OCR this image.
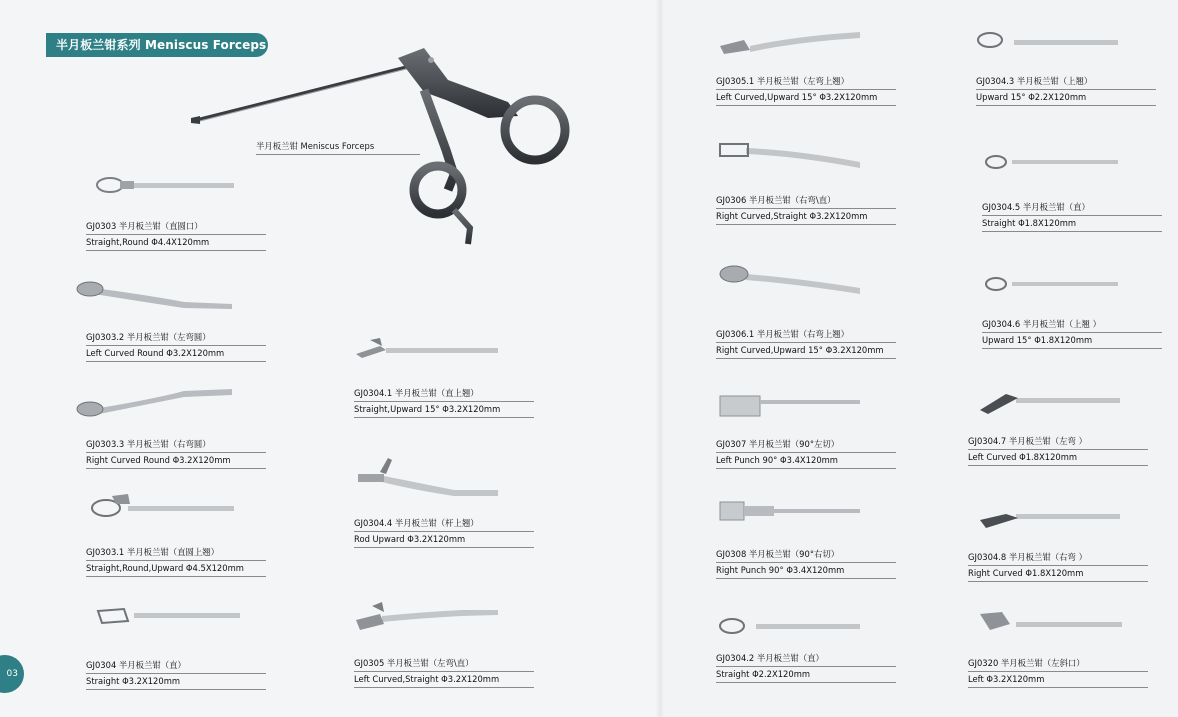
半月板兰钳系列 Meniscus Forceps
03
半月板兰钳 Meniscus Forceps
GJ0303 半月板兰钳（直圆口）
Straight,Round Φ4.4X120mm
GJ0303.2 半月板兰钳（左弯圆）
Left Curved Round Φ3.2X120mm
GJ0303.3 半月板兰钳（右弯圆）
Right Curved Round Φ3.2X120mm
GJ0303.1 半月板兰钳（直圆上翘）
Straight,Round,Upward Φ4.5X120mm
GJ0304 半月板兰钳（直）
Straight Φ3.2X120mm
GJ0304.1 半月板兰钳（直上翘）
Straight,Upward 15° Φ3.2X120mm
GJ0304.4 半月板兰钳（杆上翘）
Rod Upward Φ3.2X120mm
GJ0305 半月板兰钳（左弯\直）
Left Curved,Straight Φ3.2X120mm
GJ0305.1 半月板兰钳（左弯上翘）
Left Curved,Upward 15° Φ3.2X120mm
GJ0306 半月板兰钳（右弯\直）
Right Curved,Straight Φ3.2X120mm
GJ0306.1 半月板兰钳（右弯上翘）
Right Curved,Upward 15° Φ3.2X120mm
GJ0307 半月板兰钳（90°左切）
Left Punch 90° Φ3.4X120mm
GJ0308 半月板兰钳（90°右切）
Right Punch 90° Φ3.4X120mm
GJ0304.2 半月板兰钳（直）
Straight Φ2.2X120mm
GJ0304.3 半月板兰钳（上翘）
Upward 15° Φ2.2X120mm
GJ0304.5 半月板兰钳（直）
Straight Φ1.8X120mm
GJ0304.6 半月板兰钳（上翘 ）
Upward 15° Φ1.8X120mm
GJ0304.7 半月板兰钳（左弯 ）
Left Curved Φ1.8X120mm
GJ0304.8 半月板兰钳（右弯 ）
Right Curved Φ1.8X120mm
GJ0320 半月板兰钳（左斜口）
Left Φ3.2X120mm
